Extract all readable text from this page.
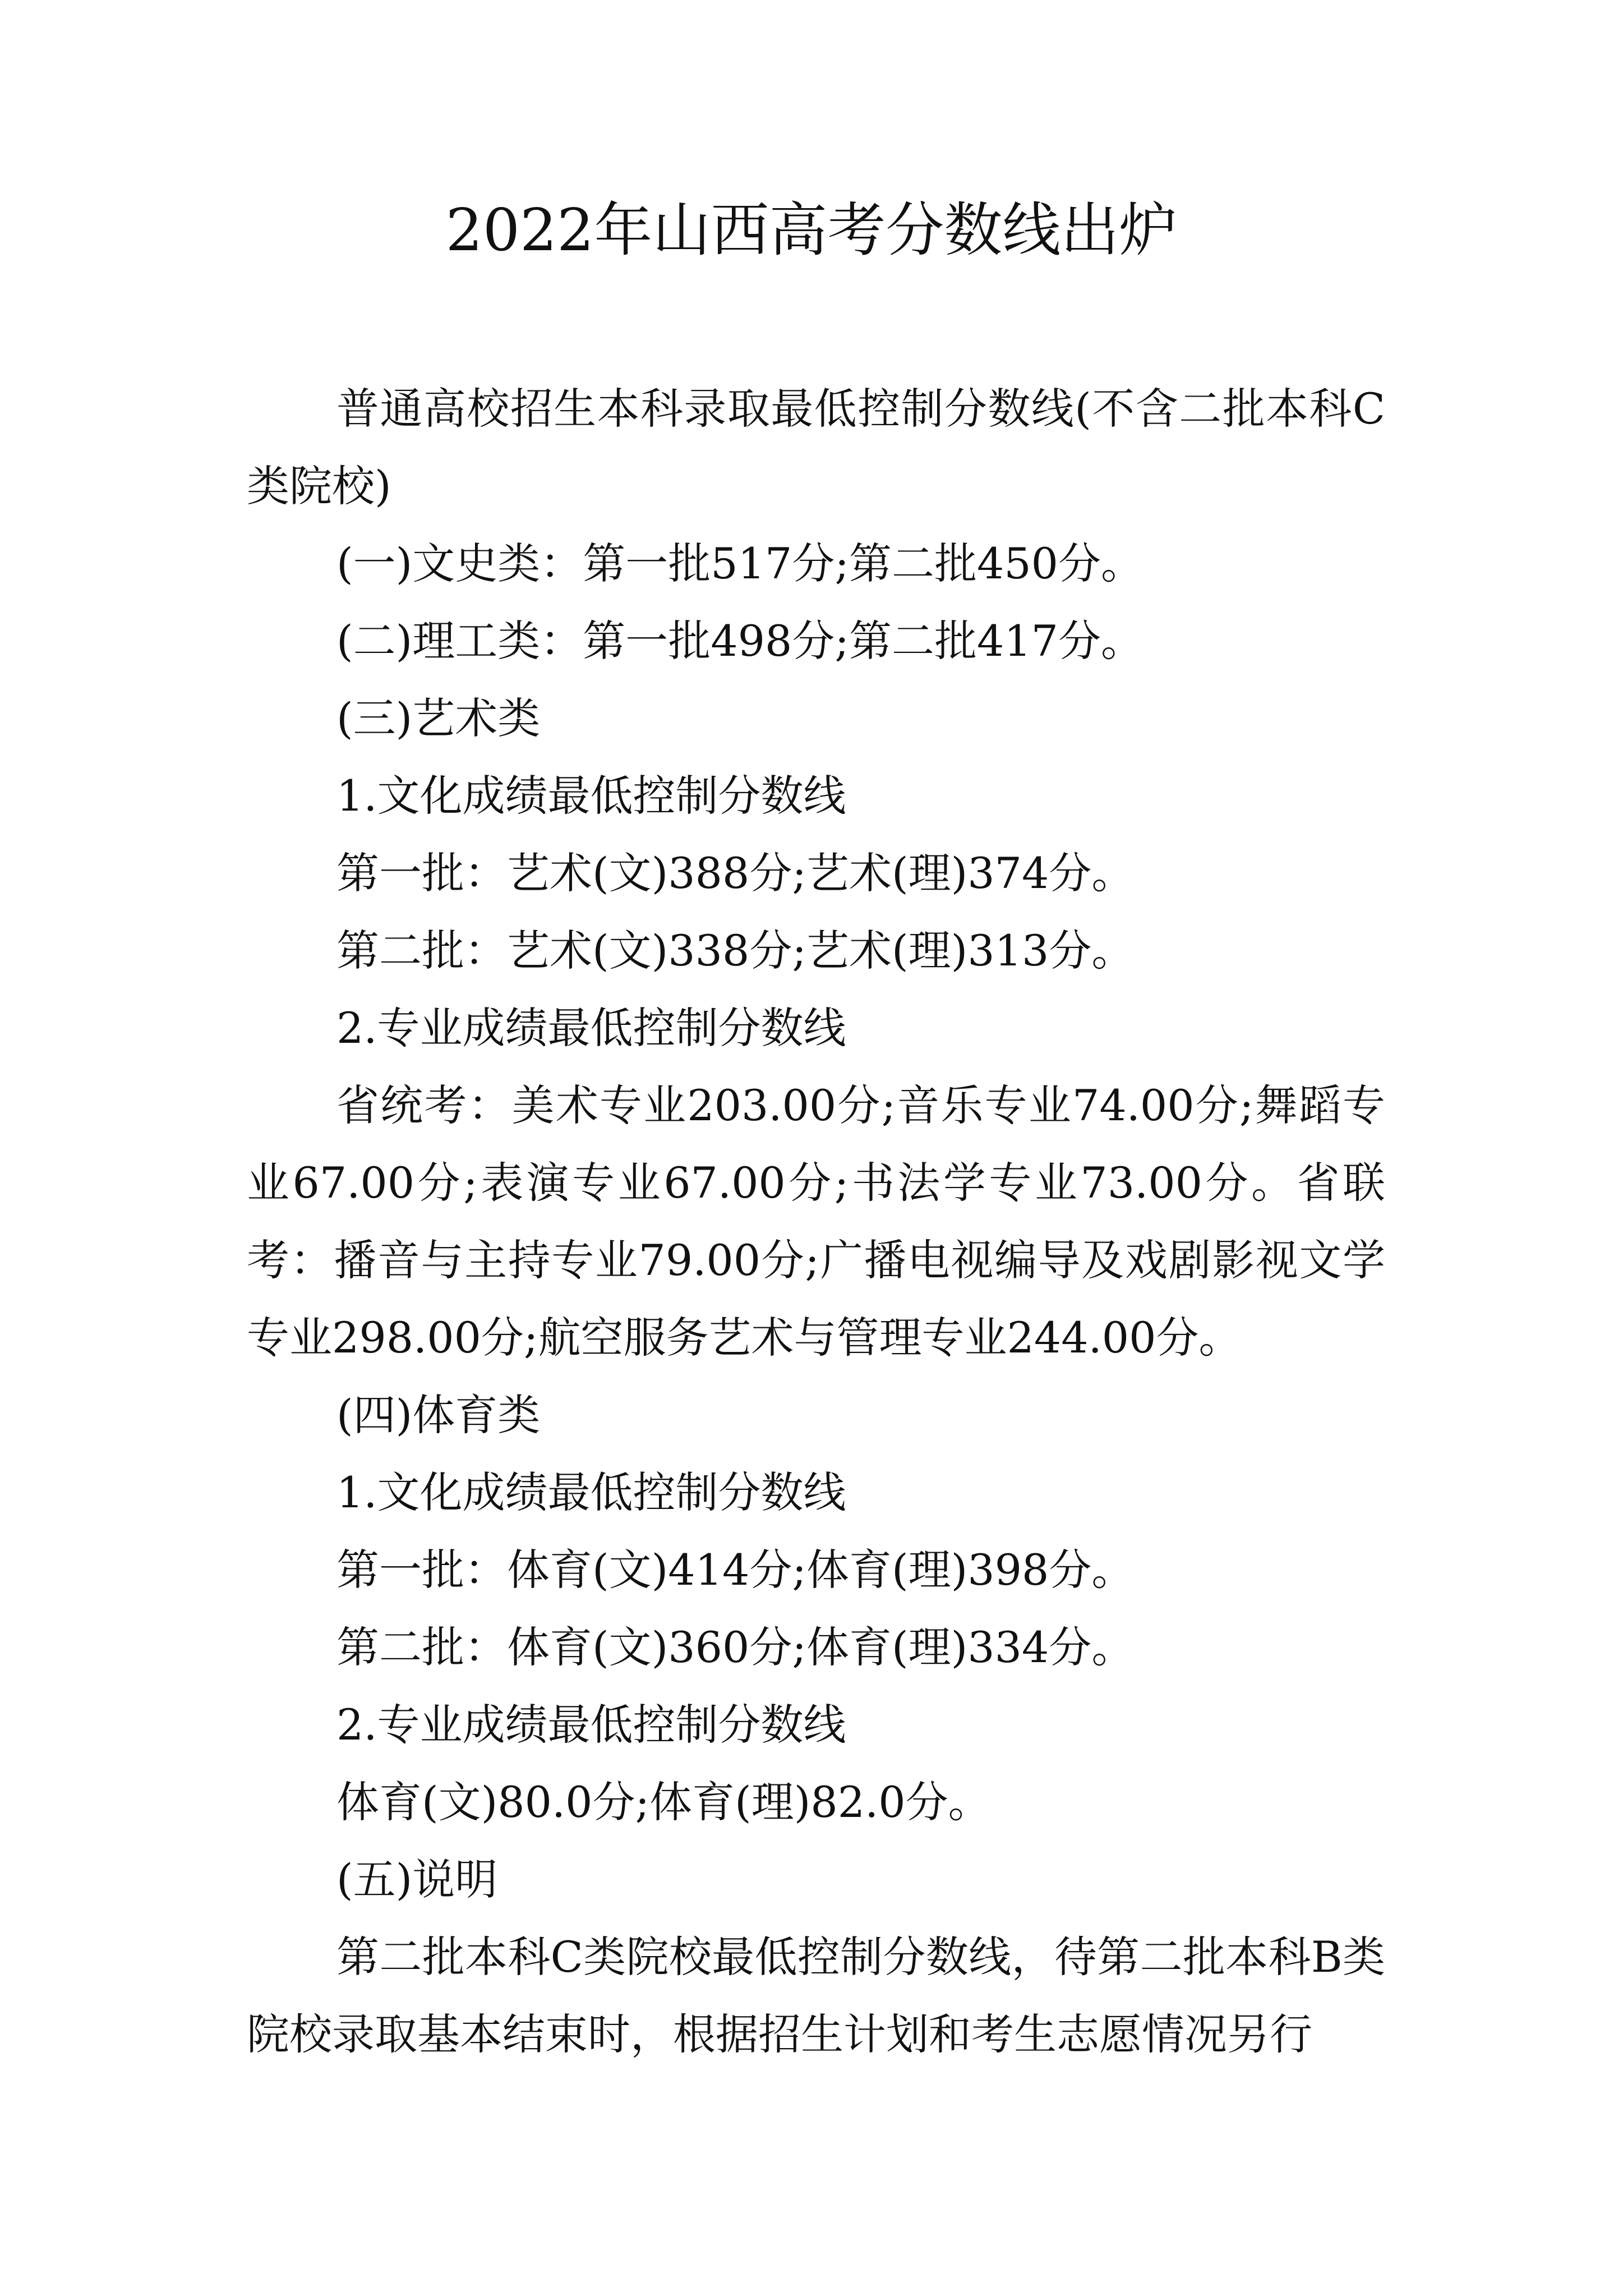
2022年山西高考分数线出炉

普通高校招生本科录取最低控制分数线(不含二批本科C类院校)

(一)文史类：第一批517分;第二批450分。

(二)理工类：第一批498分;第二批417分。

(三)艺术类

1.文化成绩最低控制分数线

第一批：艺术(文)388分;艺术(理)374分。

第二批：艺术(文)338分;艺术(理)313分。

2.专业成绩最低控制分数线

省统考：美术专业203.00分;音乐专业74.00分;舞蹈专业67.00分;表演专业67.00分;书法学专业73.00分。省联考：播音与主持专业79.00分;广播电视编导及戏剧影视文学专业298.00分;航空服务艺术与管理专业244.00分。

(四)体育类

1.文化成绩最低控制分数线

第一批：体育(文)414分;体育(理)398分。

第二批：体育(文)360分;体育(理)334分。

2.专业成绩最低控制分数线

体育(文)80.0分;体育(理)82.0分。

(五)说明

第二批本科C类院校最低控制分数线，待第二批本科B类院校录取基本结束时，根据招生计划和考生志愿情况另行
